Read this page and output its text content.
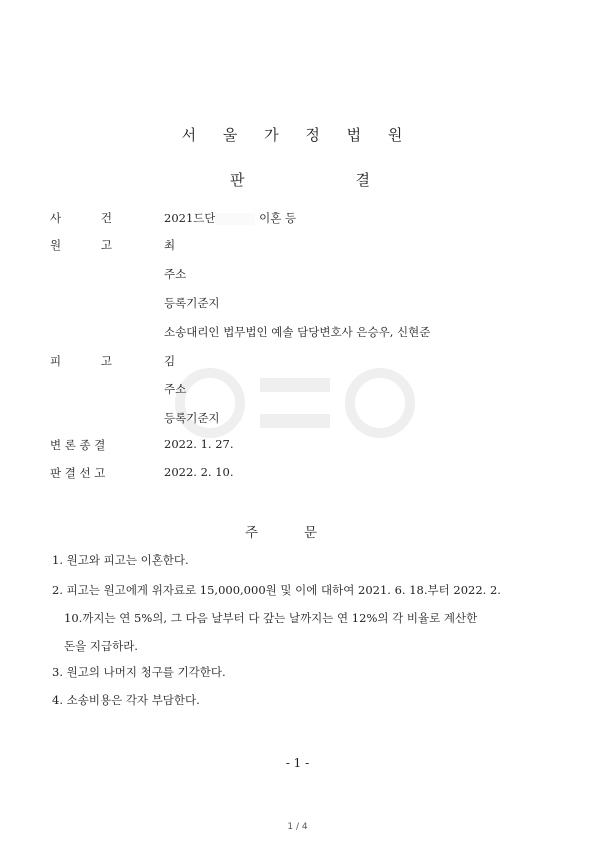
서 울 가 정 법 원
판	결
사	건	2021드단	이혼 등
원	고	최
주소
등록기준지
소송대리인 법무법인 예솔 담당변호사 은승우, 신현준
피	고	김
주소
등록기준지
변 론 종 결	2022. 1. 27.
판 결 선 고	2022. 2. 10.
주	문
1. 원고와 피고는 이혼한다.
2. 피고는 원고에게 위자료로 15,000,000원 및 이에 대하여 2021. 6. 18.부터 2022. 2.
10.까지는 연 5%의, 그 다음 날부터 다 갚는 날까지는 연 12%의 각 비율로 계산한
돈을 지급하라.
3. 원고의 나머지 청구를 기각한다.
4. 소송비용은 각자 부담한다.
- 1 -
1 / 4
